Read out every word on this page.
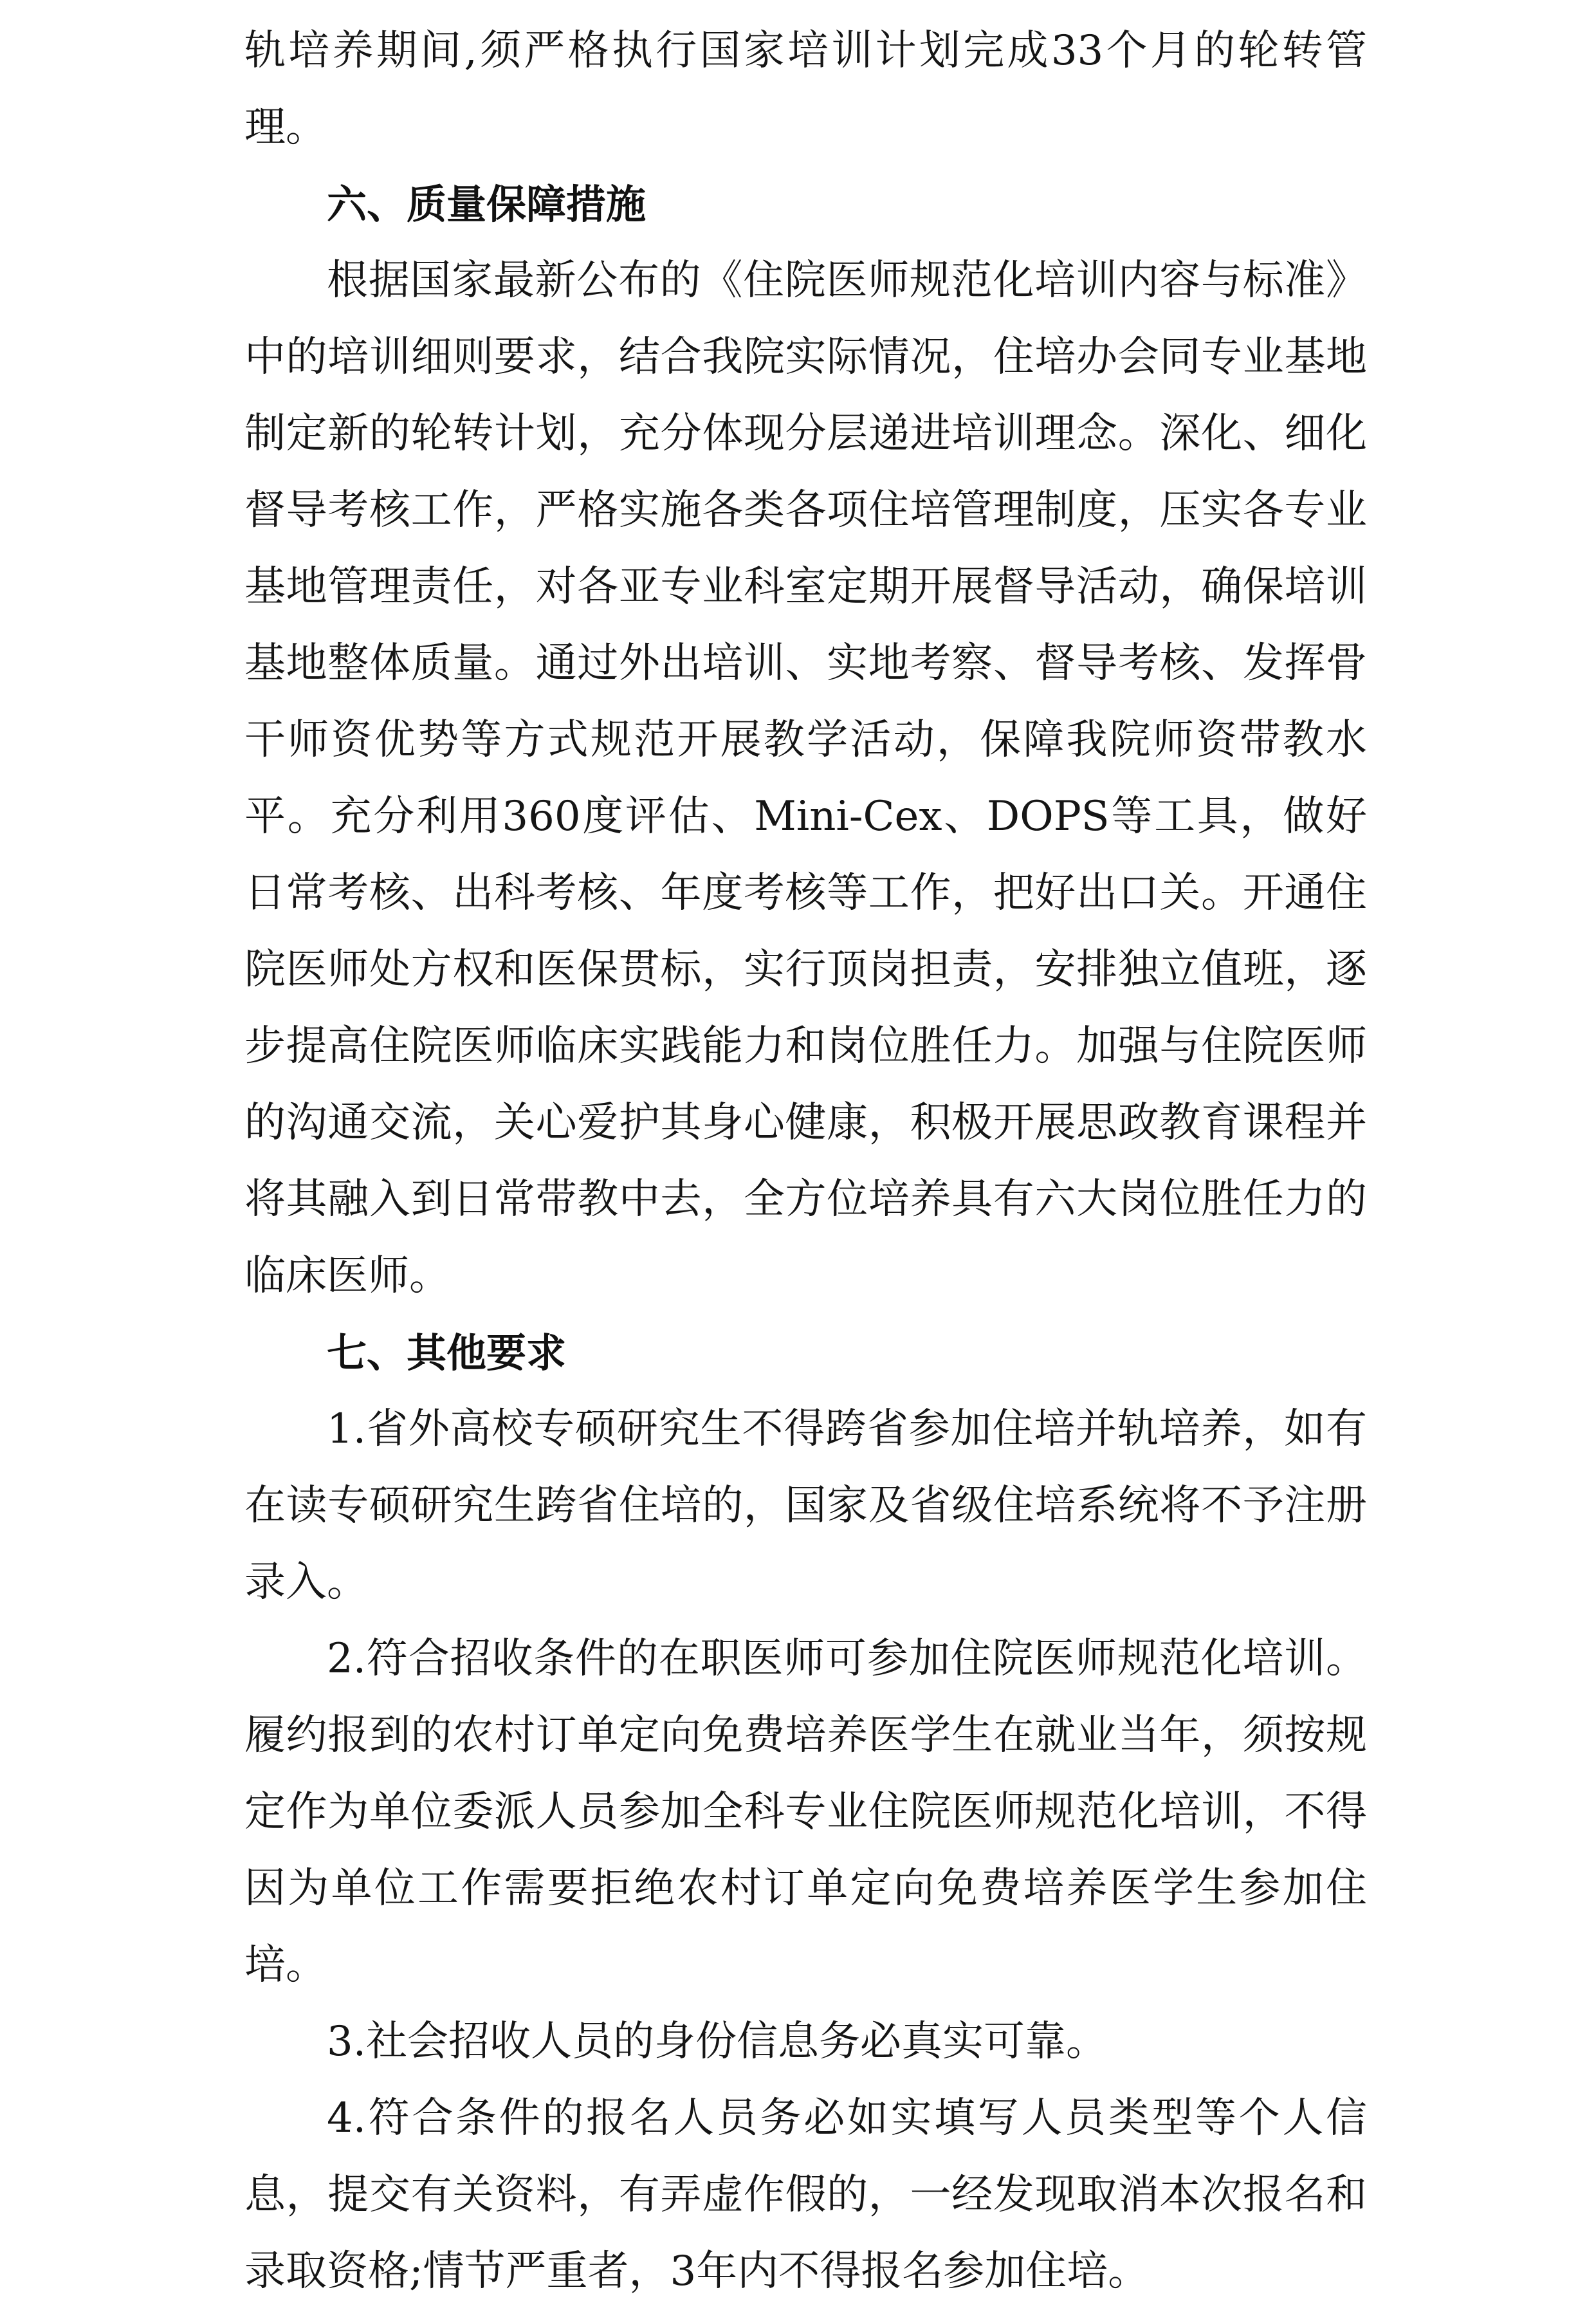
轨培养期间,须严格执行国家培训计划完成33个月的轮转管理。

六、质量保障措施

根据国家最新公布的《住院医师规范化培训内容与标准》中的培训细则要求，结合我院实际情况，住培办会同专业基地制定新的轮转计划，充分体现分层递进培训理念。深化、细化督导考核工作，严格实施各类各项住培管理制度，压实各专业基地管理责任，对各亚专业科室定期开展督导活动，确保培训基地整体质量。通过外出培训、实地考察、督导考核、发挥骨干师资优势等方式规范开展教学活动，保障我院师资带教水平。充分利用360度评估、Mini-Cex、DOPS等工具，做好日常考核、出科考核、年度考核等工作，把好出口关。开通住院医师处方权和医保贯标，实行顶岗担责，安排独立值班，逐步提高住院医师临床实践能力和岗位胜任力。加强与住院医师的沟通交流，关心爱护其身心健康，积极开展思政教育课程并将其融入到日常带教中去，全方位培养具有六大岗位胜任力的临床医师。

七、其他要求

1.省外高校专硕研究生不得跨省参加住培并轨培养，如有在读专硕研究生跨省住培的，国家及省级住培系统将不予注册录入。

2.符合招收条件的在职医师可参加住院医师规范化培训。履约报到的农村订单定向免费培养医学生在就业当年，须按规定作为单位委派人员参加全科专业住院医师规范化培训，不得因为单位工作需要拒绝农村订单定向免费培养医学生参加住培。

3.社会招收人员的身份信息务必真实可靠。

4.符合条件的报名人员务必如实填写人员类型等个人信息，提交有关资料，有弄虚作假的，一经发现取消本次报名和录取资格;情节严重者，3年内不得报名参加住培。
